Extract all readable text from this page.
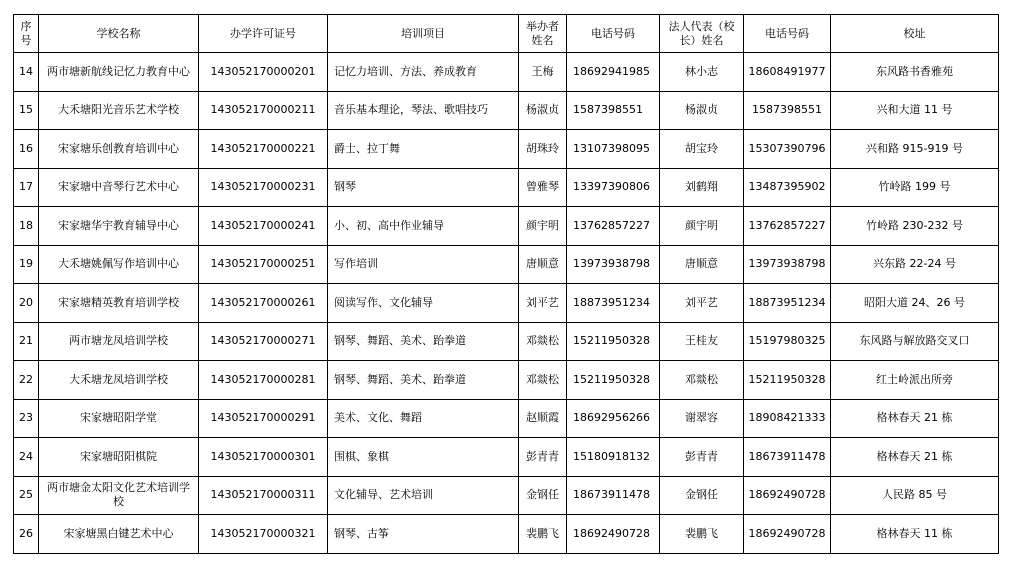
序号	学校名称	办学许可证号	培训项目	举办者姓名	电话号码	法人代表（校长）姓名	电话号码	校址
14	两市塘新航线记忆力教育中心	143052170000201	记忆力培训、方法、养成教育	王梅	18692941985	林小志	18608491977	东风路书香雅苑
15	大禾塘阳光音乐艺术学校	143052170000211	音乐基本理论，琴法、歌唱技巧	杨淑贞	1587398551	杨淑贞	1587398551	兴和大道 11 号
16	宋家塘乐创教育培训中心	143052170000221	爵士、拉丁舞	胡珠玲	13107398095	胡宝玲	15307390796	兴和路 915-919 号
17	宋家塘中音琴行艺术中心	143052170000231	钢琴	曾雅琴	13397390806	刘鹤翔	13487395902	竹岭路 199 号
18	宋家塘华宇教育辅导中心	143052170000241	小、初、高中作业辅导	颜宇明	13762857227	颜宇明	13762857227	竹岭路 230-232 号
19	大禾塘姚佩写作培训中心	143052170000251	写作培训	唐顺意	13973938798	唐顺意	13973938798	兴东路 22-24 号
20	宋家塘精英教育培训学校	143052170000261	阅读写作、文化辅导	刘平艺	18873951234	刘平艺	18873951234	昭阳大道 24、26 号
21	两市塘龙凤培训学校	143052170000271	钢琴、舞蹈、美术、跆拳道	邓燚松	15211950328	王桂友	15197980325	东风路与解放路交叉口
22	大禾塘龙凤培训学校	143052170000281	钢琴、舞蹈、美术、跆拳道	邓燚松	15211950328	邓燚松	15211950328	红土岭派出所旁
23	宋家塘昭阳学堂	143052170000291	美术、文化、舞蹈	赵顺霞	18692956266	谢翠容	18908421333	格林春天 21 栋
24	宋家塘昭阳棋院	143052170000301	围棋、象棋	彭青青	15180918132	彭青青	18673911478	格林春天 21 栋
25	两市塘金太阳文化艺术培训学校	143052170000311	文化辅导、艺术培训	金钢任	18673911478	金钢任	18692490728	人民路 85 号
26	宋家塘黑白键艺术中心	143052170000321	钢琴、古筝	裴鹏飞	18692490728	裴鹏飞	18692490728	格林春天 11 栋
